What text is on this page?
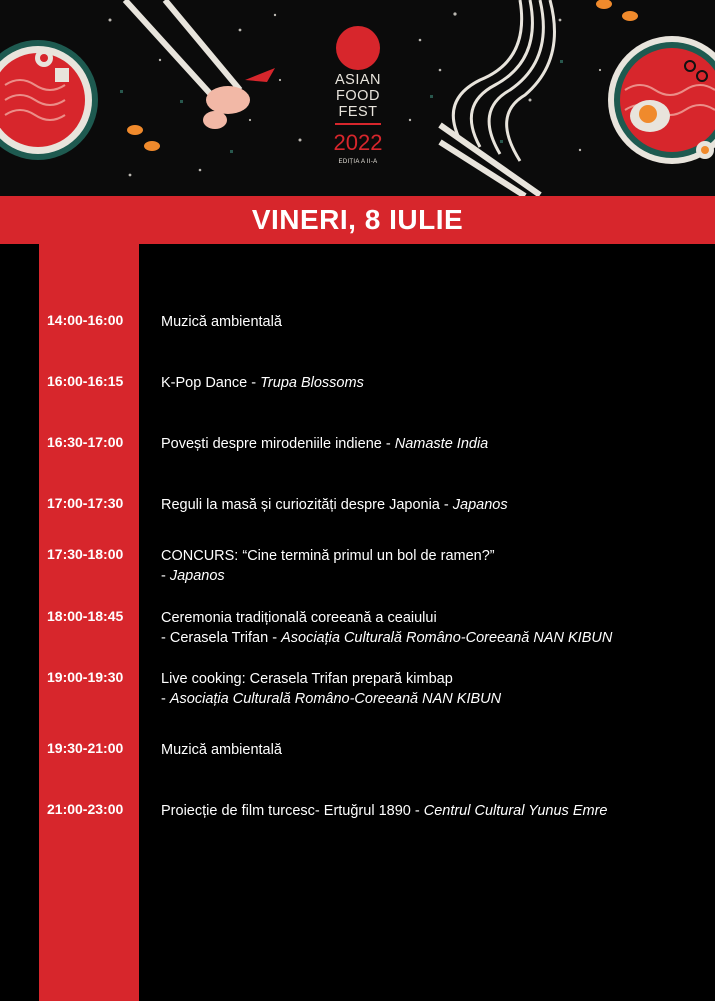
ASIAN
FOOD
FEST
2022
EDIȚIA A II-A
VINERI, 8 IULIE
14:00-16:00	Muzică ambientală
16:00-16:15	K-Pop Dance - Trupa Blossoms
16:30-17:00	Povești despre mirodeniile indiene - Namaste India
17:00-17:30	Reguli la masă și curiozități despre Japonia - Japanos
17:30-18:00	CONCURS: “Cine termină primul un bol de ramen?”
- Japanos
18:00-18:45	Ceremonia tradițională coreeană a ceaiului
- Cerasela Trifan - Asociația Culturală Româno-Coreeană NAN KIBUN
19:00-19:30	Live cooking: Cerasela Trifan prepară kimbap
- Asociația Culturală Româno-Coreeană NAN KIBUN
19:30-21:00	Muzică ambientală
21:00-23:00	Proiecție de film turcesc- Ertuğrul 1890 - Centrul Cultural Yunus Emre
